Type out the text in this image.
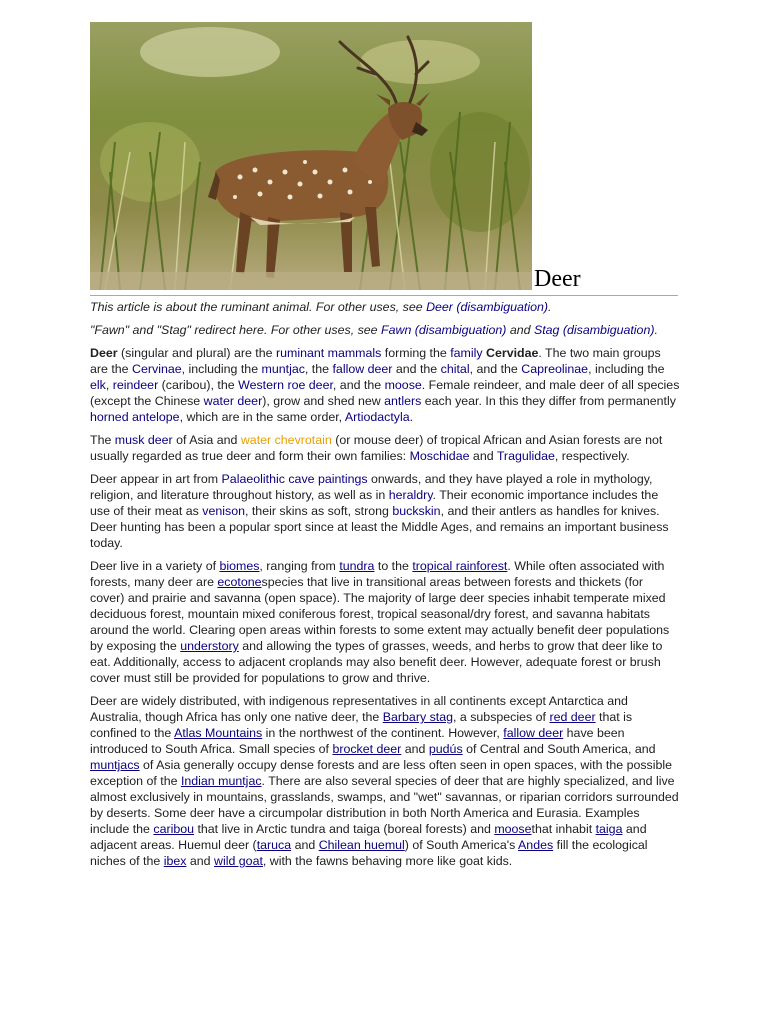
Deer

This article is about the ruminant animal. For other uses, see Deer (disambiguation).

"Fawn" and "Stag" redirect here. For other uses, see Fawn (disambiguation) and Stag (disambiguation).

Deer (singular and plural) are the ruminant mammals forming the family Cervidae. The two main groups are the Cervinae, including the muntjac, the fallow deer and the chital, and the Capreolinae, including the elk, reindeer (caribou), the Western roe deer, and the moose. Female reindeer, and male deer of all species (except the Chinese water deer), grow and shed new antlers each year. In this they differ from permanently horned antelope, which are in the same order, Artiodactyla.

The musk deer of Asia and water chevrotain (or mouse deer) of tropical African and Asian forests are not usually regarded as true deer and form their own families: Moschidae and Tragulidae, respectively.

Deer appear in art from Palaeolithic cave paintings onwards, and they have played a role in mythology, religion, and literature throughout history, as well as in heraldry. Their economic importance includes the use of their meat as venison, their skins as soft, strong buckskin, and their antlers as handles for knives. Deer hunting has been a popular sport since at least the Middle Ages, and remains an important business today.

Deer live in a variety of biomes, ranging from tundra to the tropical rainforest. While often associated with forests, many deer are ecotonespecies that live in transitional areas between forests and thickets (for cover) and prairie and savanna (open space). The majority of large deer species inhabit temperate mixed deciduous forest, mountain mixed coniferous forest, tropical seasonal/dry forest, and savanna habitats around the world. Clearing open areas within forests to some extent may actually benefit deer populations by exposing the understory and allowing the types of grasses, weeds, and herbs to grow that deer like to eat. Additionally, access to adjacent croplands may also benefit deer. However, adequate forest or brush cover must still be provided for populations to grow and thrive.

Deer are widely distributed, with indigenous representatives in all continents except Antarctica and Australia, though Africa has only one native deer, the Barbary stag, a subspecies of red deer that is confined to the Atlas Mountains in the northwest of the continent. However, fallow deer have been introduced to South Africa. Small species of brocket deer and pudús of Central and South America, and muntjacs of Asia generally occupy dense forests and are less often seen in open spaces, with the possible exception of the Indian muntjac. There are also several species of deer that are highly specialized, and live almost exclusively in mountains, grasslands, swamps, and "wet" savannas, or riparian corridors surrounded by deserts. Some deer have a circumpolar distribution in both North America and Eurasia. Examples include the caribou that live in Arctic tundra and taiga (boreal forests) and moosethat inhabit taiga and adjacent areas. Huemul deer (taruca and Chilean huemul) of South America's Andes fill the ecological niches of the ibex and wild goat, with the fawns behaving more like goat kids.
